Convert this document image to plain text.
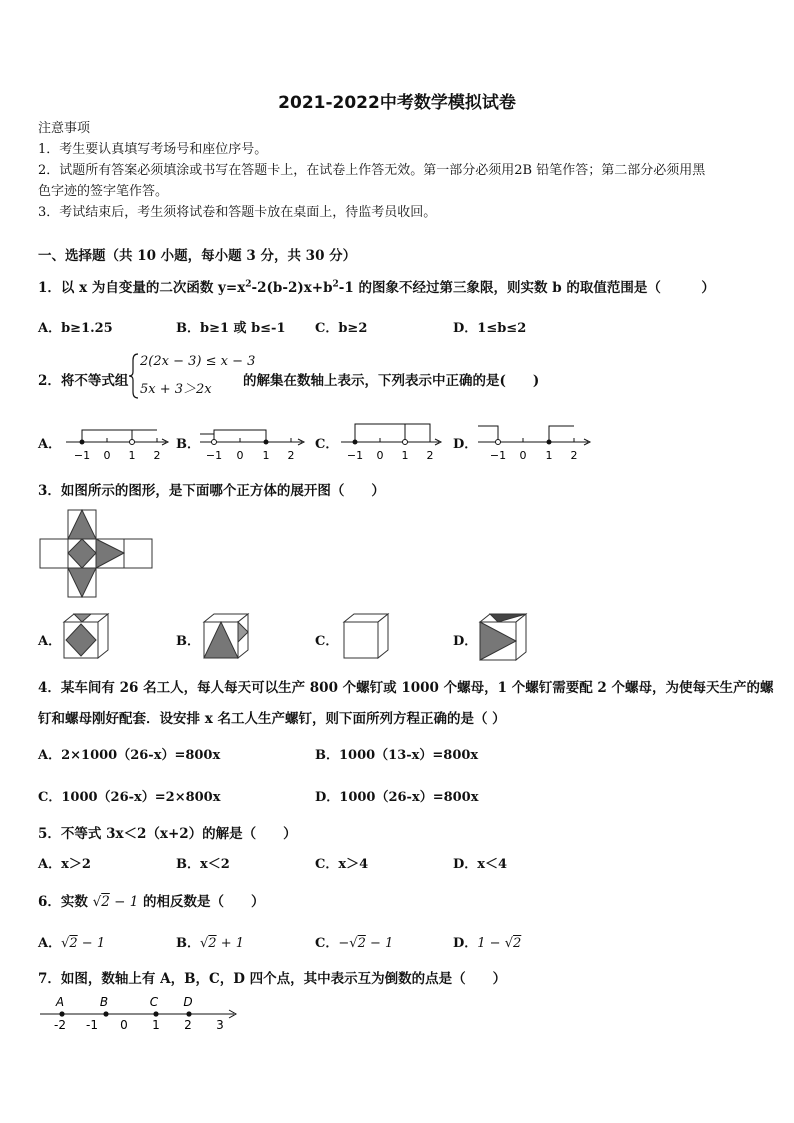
2021-2022中考数学模拟试卷
注意事项
1．考生要认真填写考场号和座位序号。
2．试题所有答案必须填涂或书写在答题卡上，在试卷上作答无效。第一部分必须用2B 铅笔作答；第二部分必须用黑
色字迹的签字笔作答。
3．考试结束后，考生须将试卷和答题卡放在桌面上，待监考员收回。
一、选择题（共 10 小题，每小题 3 分，共 30 分）
1．以 x 为自变量的二次函数 $y=x^2-2(b-2)x+b^2-1$ 的图象不经过第三象限，则实数 b 的取值范围是（　　　）
A．b≥1.25	B．b≥1 或 b≤-1 C．b≥2	D．1≤b≤2
2．将不等式组
2(2x − 3) ≤ x − 3
5x + 3＞2x
的解集在数轴上表示，下列表示中正确的是(　　)
A．
−1 0 1 2
B．
−1 0 1 2
C．
−1 0 1 2
D．
−1 0 1 2
3．如图所示的图形，是下面哪个正方体的展开图（　　）
A．	B．	C．	D．
4．某车间有 26 名工人，每人每天可以生产 800 个螺钉或 1000 个螺母，1 个螺钉需要配 2 个螺母，为使每天生产的螺
钉和螺母刚好配套．设安排 x 名工人生产螺钉，则下面所列方程正确的是（ ）
A．2×1000（26-x）=800x	B．1000（13-x）=800x
C．1000（26-x）=2×800x	D．1000（26-x）=800x
5．不等式 3x＜2（x+2）的解是（　　）
A．x＞2	B．x＜2	C．x＞4	D．x＜4
6．实数 √2 − 1 的相反数是（　　）
A．√2 − 1	B．√2 + 1	C．−√2 − 1	D．1 − √2
7．如图，数轴上有 A，B，C，D 四个点，其中表示互为倒数的点是（　　）
A	B	C D
-2 -1 0 1 2 3
